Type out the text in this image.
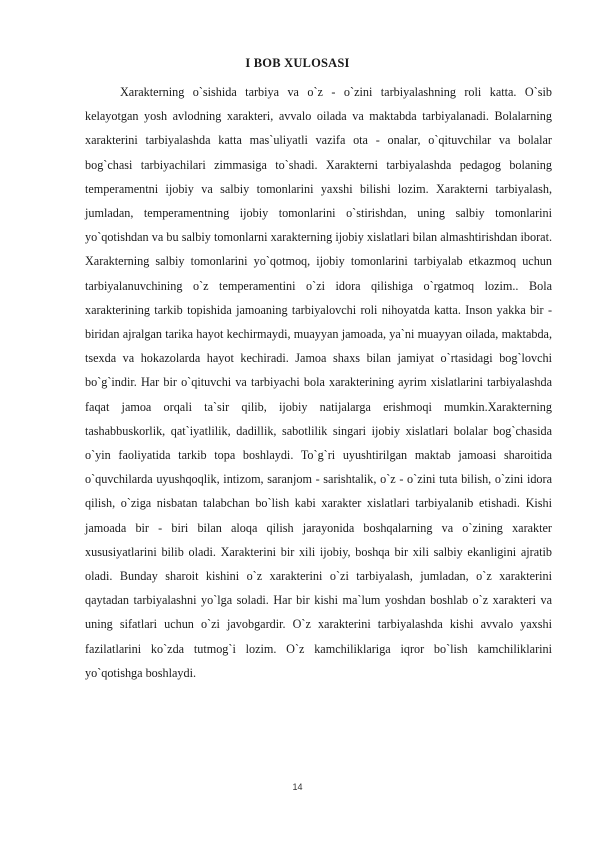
I BOB XULOSASI

Xarakterning o`sishida tarbiya va o`z - o`zini tarbiyalashning roli katta. O`sib kelayotgan yosh avlodning xarakteri, avvalo oilada va maktabda tarbiyalanadi. Bolalarning xarakterini tarbiyalashda katta mas`uliyatli vazifa ota - onalar, o`qituvchilar va bolalar bog`chasi tarbiyachilari zimmasiga to`shadi. Xarakterni tarbiyalashda pedagog bolaning temperamentni ijobiy va salbiy tomonlarini yaxshi bilishi lozim. Xarakterni tarbiyalash, jumladan, temperamentning ijobiy tomonlarini o`stirishdan, uning salbiy tomonlarini yo`qotishdan va bu salbiy tomonlarni xarakterning ijobiy xislatlari bilan almashtirishdan iborat. Xarakterning salbiy tomonlarini yo`qotmoq, ijobiy tomonlarini tarbiyalab etkazmoq uchun tarbiyalanuvchining o`z temperamentini o`zi idora qilishiga o`rgatmoq lozim.. Bola xarakterining tarkib topishida jamoaning tarbiyalovchi roli nihoyatda katta. Inson yakka bir - biridan ajralgan tarika hayot kechirmaydi, muayyan jamoada, ya`ni muayyan oilada, maktabda, tsexda va hokazolarda hayot kechiradi. Jamoa shaxs bilan jamiyat o`rtasidagi bog`lovchi bo`g`indir. Har bir o`qituvchi va tarbiyachi bola xarakterining ayrim xislatlarini tarbiyalashda faqat jamoa orqali ta`sir qilib, ijobiy natijalarga erishmoqi mumkin.Xarakterning tashabbuskorlik, qat`iyatlilik, dadillik, sabotlilik singari ijobiy xislatlari bolalar bog`chasida o`yin faoliyatida tarkib topa boshlaydi. To`g`ri uyushtirilgan maktab jamoasi sharoitida o`quvchilarda uyushqoqlik, intizom, saranjom - sarishtalik, o`z - o`zini tuta bilish, o`zini idora qilish, o`ziga nisbatan talabchan bo`lish kabi xarakter xislatlari tarbiyalanib etishadi. Kishi jamoada bir - biri bilan aloqa qilish jarayonida boshqalarning va o`zining xarakter xususiyatlarini bilib oladi. Xarakterini bir xili ijobiy, boshqa bir xili salbiy ekanligini ajratib oladi. Bunday sharoit kishini o`z xarakterini o`zi tarbiyalash, jumladan, o`z xarakterini qaytadan tarbiyalashni yo`lga soladi. Har bir kishi ma`lum yoshdan boshlab o`z xarakteri va uning sifatlari uchun o`zi javobgardir. O`z xarakterini tarbiyalashda kishi avvalo yaxshi fazilatlarini ko`zda tutmog`i lozim. O`z kamchiliklariga iqror bo`lish kamchiliklarini yo`qotishga boshlaydi.

14
